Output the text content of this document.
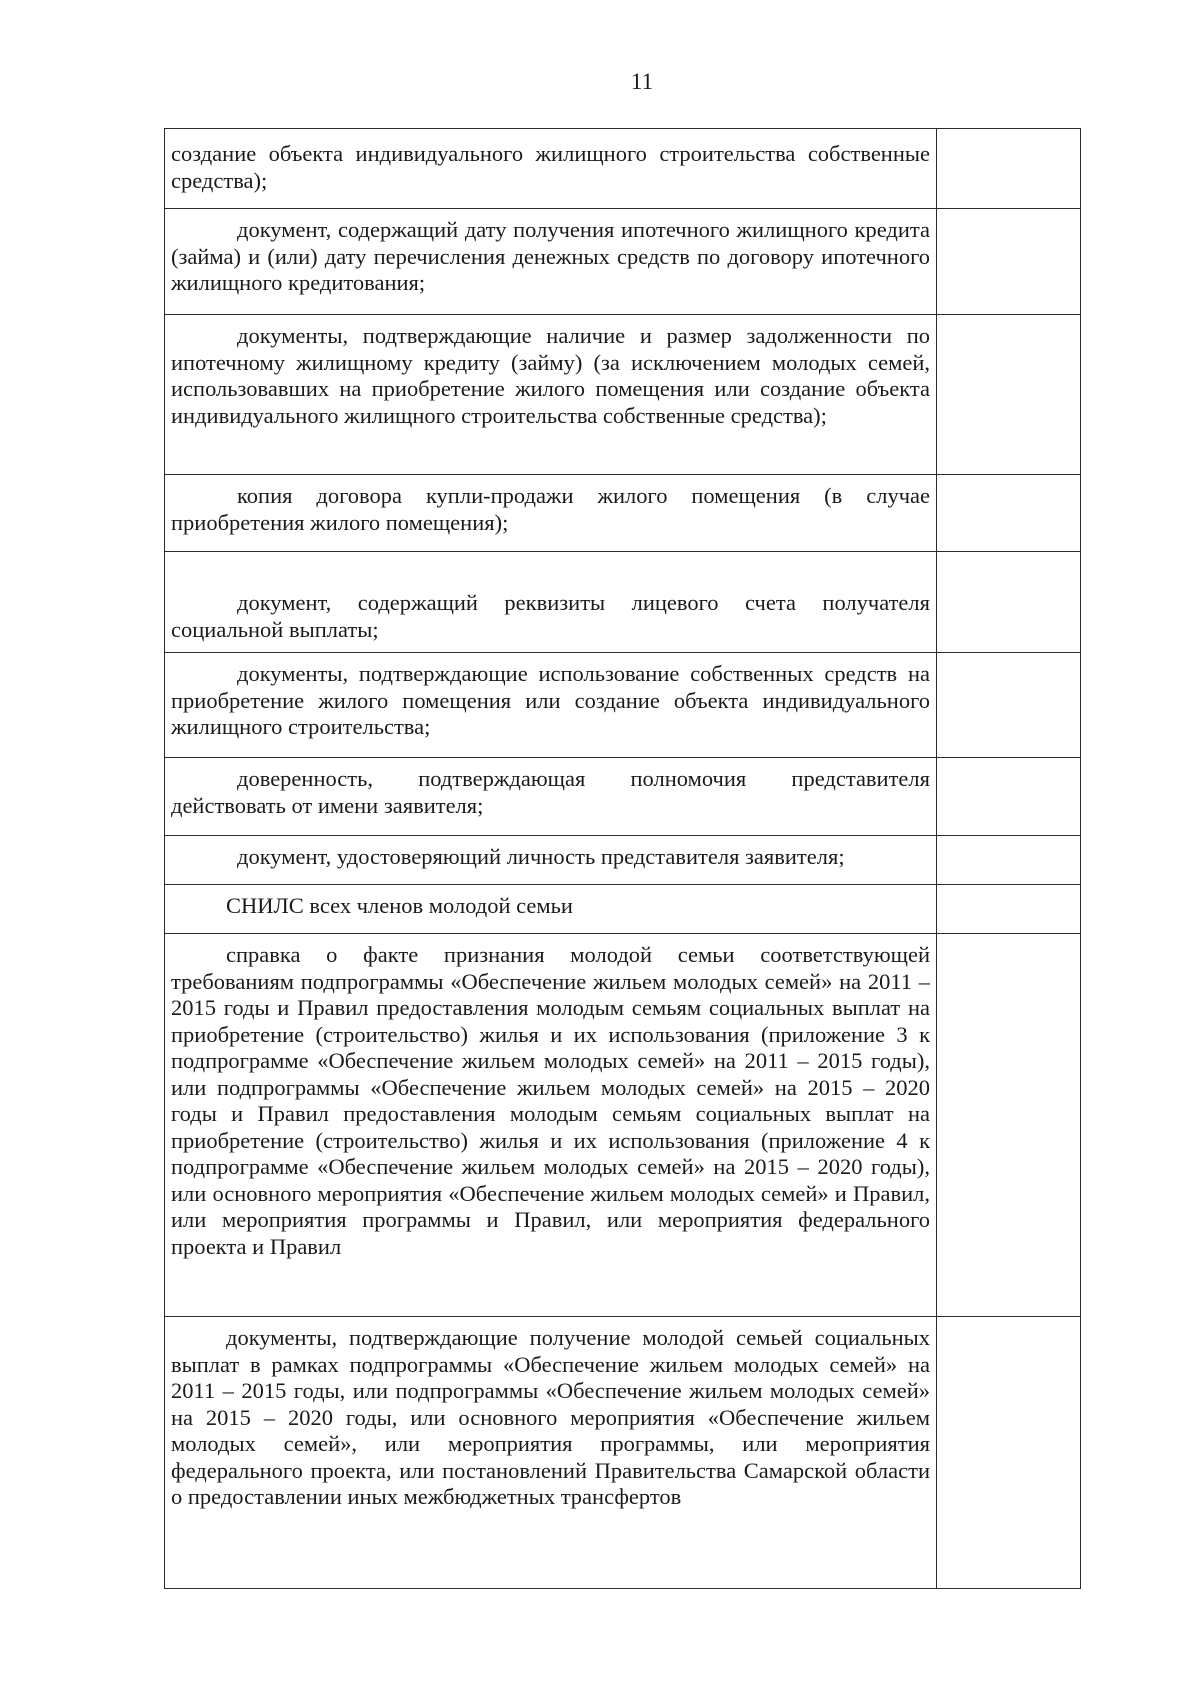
11
создание объекта индивидуального жилищного строительства собственные средства);	

документ, содержащий дату получения ипотечного жилищного кредита (займа) и (или) дату перечисления денежных средств по договору ипотечного жилищного кредитования;	

документы, подтверждающие наличие и размер задолженности по ипотечному жилищному кредиту (займу) (за исключением молодых семей, использовавших на приобретение жилого помещения или создание объекта индивидуального жилищного строительства собственные средства);	

копия договора купли-продажи жилого помещения (в случае приобретения жилого помещения);	

документ, содержащий реквизиты лицевого счета получателя социальной выплаты;	

документы, подтверждающие использование собственных средств на приобретение жилого помещения или создание объекта индивидуального жилищного строительства;	

доверенность, подтверждающая полномочия представителя действовать от имени заявителя;	

документ, удостоверяющий личность представителя заявителя;	

СНИЛС всех членов молодой семьи	

справка о факте признания молодой семьи соответствующей требованиям подпрограммы «Обеспечение жильем молодых семей» на 2011 – 2015 годы и Правил предоставления молодым семьям социальных выплат на приобретение (строительство) жилья и их использования (приложение 3 к подпрограмме «Обеспечение жильем молодых семей» на 2011 – 2015 годы), или подпрограммы «Обеспечение жильем молодых семей» на 2015 – 2020 годы и Правил предоставления молодым семьям социальных выплат на приобретение (строительство) жилья и их использования (приложение 4 к подпрограмме «Обеспечение жильем молодых семей» на 2015 – 2020 годы), или основного мероприятия «Обеспечение жильем молодых семей» и Правил, или мероприятия программы и Правил, или мероприятия федерального проекта и Правил	

документы, подтверждающие получение молодой семьей социальных выплат в рамках подпрограммы «Обеспечение жильем молодых семей» на 2011 – 2015 годы, или подпрограммы «Обеспечение жильем молодых семей» на 2015 – 2020 годы, или основного мероприятия «Обеспечение жильем молодых семей», или мероприятия программы, или мероприятия федерального проекта, или постановлений Правительства Самарской области о предоставлении иных межбюджетных трансфертов	
